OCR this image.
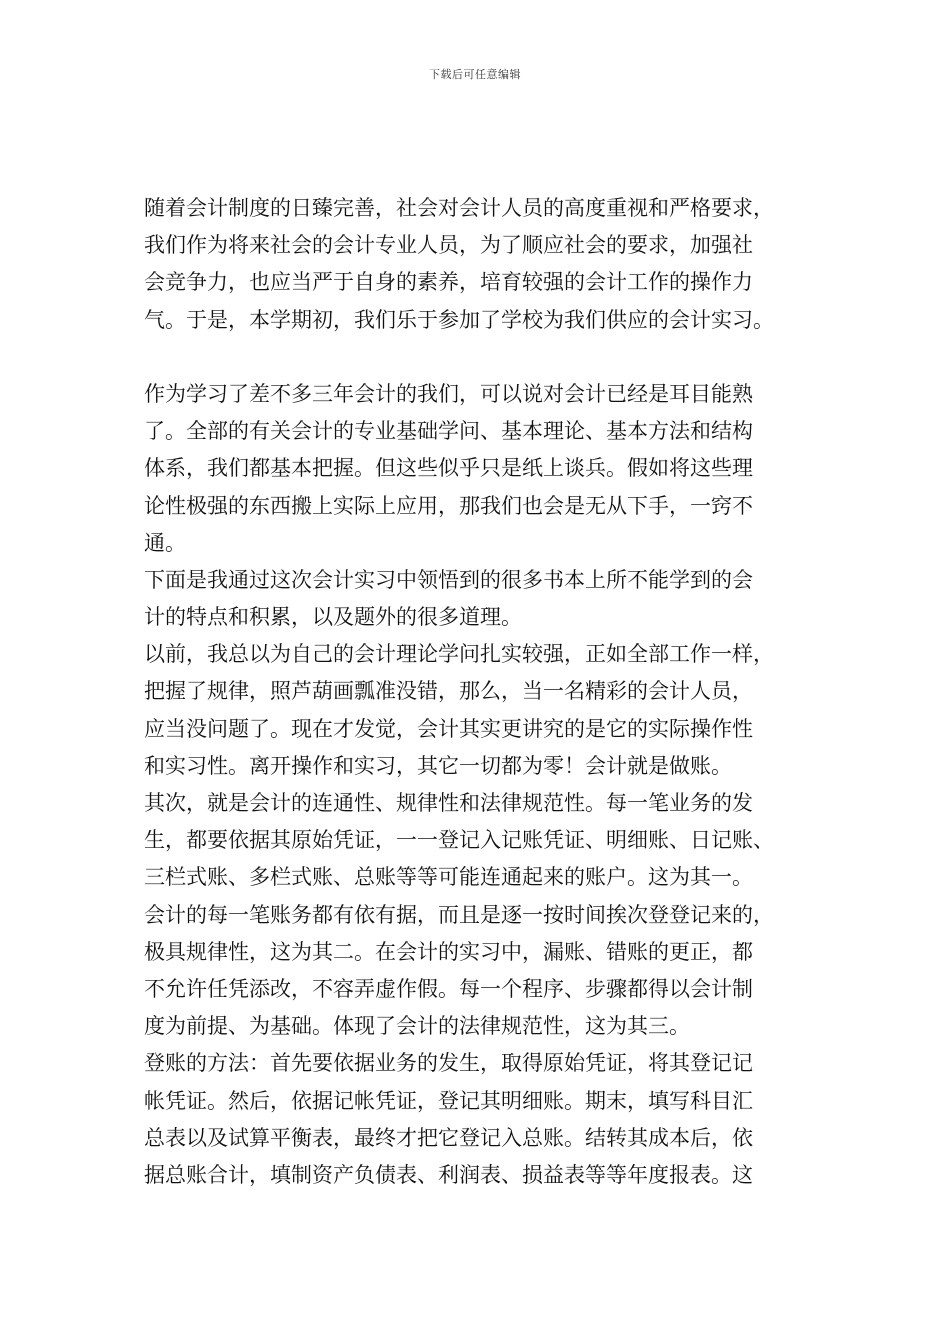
下载后可任意编辑

随着会计制度的日臻完善，社会对会计人员的高度重视和严格要求，
我们作为将来社会的会计专业人员，为了顺应社会的要求，加强社
会竞争力，也应当严于自身的素养，培育较强的会计工作的操作力
气。于是，本学期初，我们乐于参加了学校为我们供应的会计实习。

作为学习了差不多三年会计的我们，可以说对会计已经是耳目能熟
了。全部的有关会计的专业基础学问、基本理论、基本方法和结构
体系，我们都基本把握。但这些似乎只是纸上谈兵。假如将这些理
论性极强的东西搬上实际上应用，那我们也会是无从下手，一窍不
通。

下面是我通过这次会计实习中领悟到的很多书本上所不能学到的会
计的特点和积累，以及题外的很多道理。

以前，我总以为自己的会计理论学问扎实较强，正如全部工作一样，
把握了规律，照芦葫画瓢准没错，那么，当一名精彩的会计人员，
应当没问题了。现在才发觉，会计其实更讲究的是它的实际操作性
和实习性。离开操作和实习，其它一切都为零！会计就是做账。

其次，就是会计的连通性、规律性和法律规范性。每一笔业务的发
生，都要依据其原始凭证，一一登记入记账凭证、明细账、日记账、
三栏式账、多栏式账、总账等等可能连通起来的账户。这为其一。
会计的每一笔账务都有依有据，而且是逐一按时间挨次登登记来的，
极具规律性，这为其二。在会计的实习中，漏账、错账的更正，都
不允许任凭添改，不容弄虚作假。每一个程序、步骤都得以会计制
度为前提、为基础。体现了会计的法律规范性，这为其三。

登账的方法：首先要依据业务的发生，取得原始凭证，将其登记记
帐凭证。然后，依据记帐凭证，登记其明细账。期末，填写科目汇
总表以及试算平衡表，最终才把它登记入总账。结转其成本后，依
据总账合计，填制资产负债表、利润表、损益表等等年度报表。这
